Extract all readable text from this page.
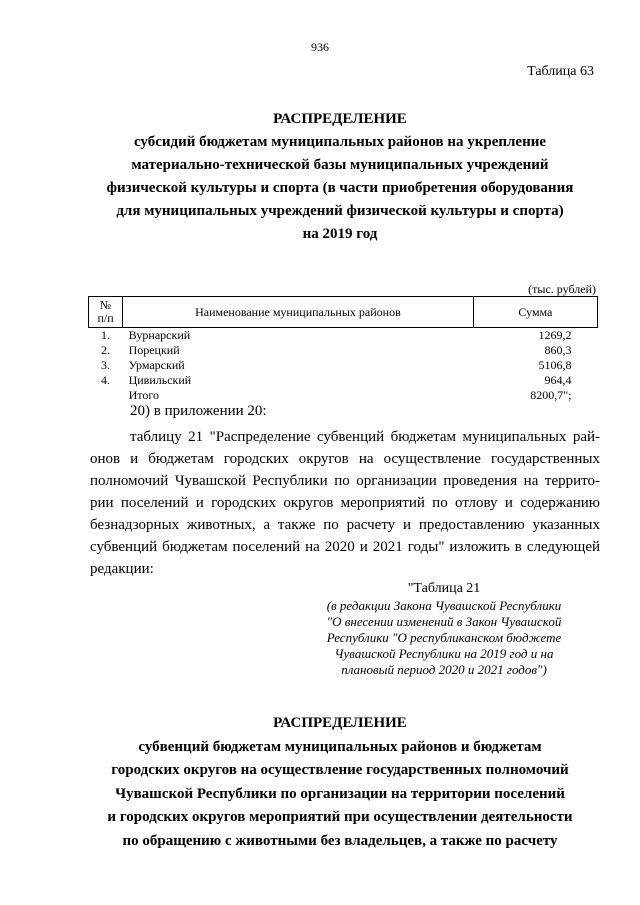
936
Таблица 63
РАСПРЕДЕЛЕНИЕ
субсидий бюджетам муниципальных районов на укрепление
материально-технической базы муниципальных учреждений
физической культуры и спорта (в части приобретения оборудования
для муниципальных учреждений физической культуры и спорта)
на 2019 год
(тыс. рублей)
№ п/п	Наименование муниципальных районов	Сумма
1.	Вурнарский	1269,2
2.	Порецкий	860,3
3.	Урмарский	5106,8
4.	Цивильский	964,4
	Итого	8200,7";
20) в приложении 20:
таблицу 21 "Распределение субвенций бюджетам муниципальных рай-
онов и бюджетам городских округов на осуществление государственных
полномочий Чувашской Республики по организации проведения на террито-
рии поселений и городских округов мероприятий по отлову и содержанию
безнадзорных животных, а также по расчету и предоставлению указанных
субвенций бюджетам поселений на 2020 и 2021 годы" изложить в следующей
редакции:
"Таблица 21
(в редакции Закона Чувашской Республики
"О внесении изменений в Закон Чувашской
Республики "О республиканском бюджете
Чувашской Республики на 2019 год и на
плановый период 2020 и 2021 годов")
РАСПРЕДЕЛЕНИЕ
субвенций бюджетам муниципальных районов и бюджетам
городских округов на осуществление государственных полномочий
Чувашской Республики по организации на территории поселений
и городских округов мероприятий при осуществлении деятельности
по обращению с животными без владельцев, а также по расчету
